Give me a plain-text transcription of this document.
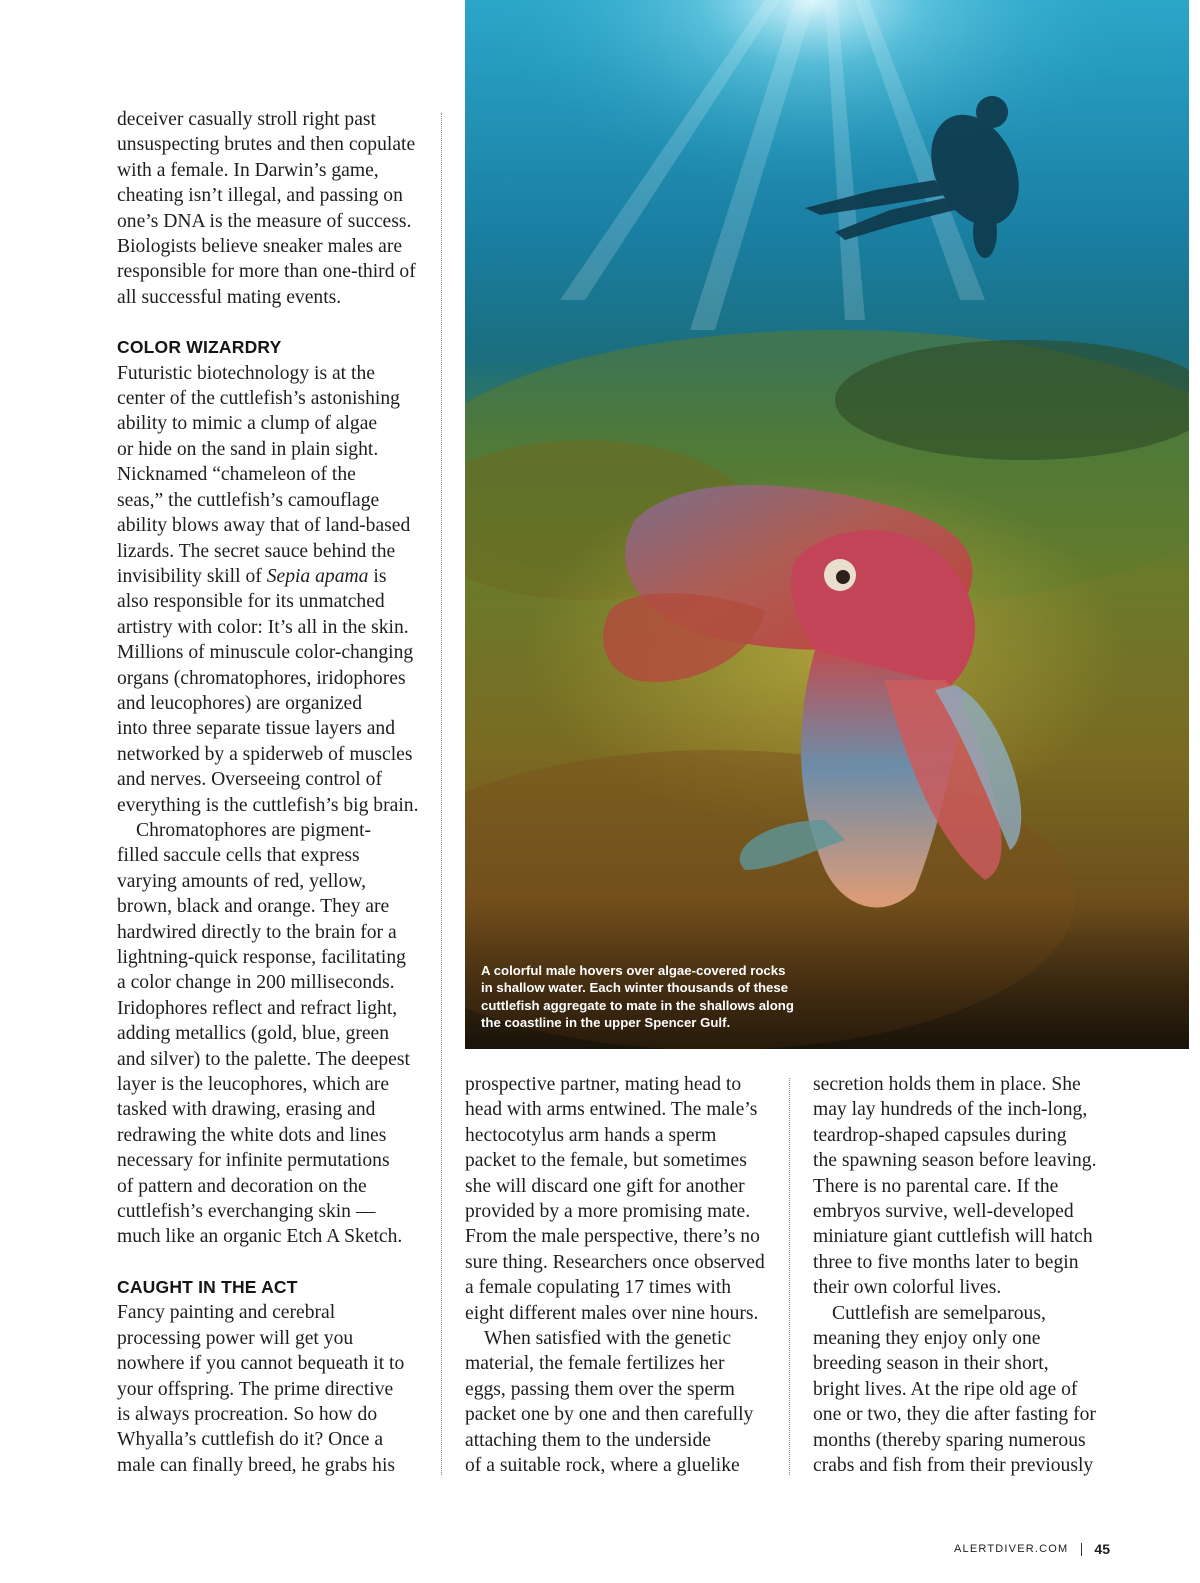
deceiver casually stroll right past
unsuspecting brutes and then copulate
with a female. In Darwin’s game,
cheating isn’t illegal, and passing on
one’s DNA is the measure of success.
Biologists believe sneaker males are
responsible for more than one-third of
all successful mating events.

COLOR WIZARDRY

Futuristic biotechnology is at the
center of the cuttlefish’s astonishing
ability to mimic a clump of algae
or hide on the sand in plain sight.
Nicknamed “chameleon of the
seas,” the cuttlefish’s camouflage
ability blows away that of land-based
lizards. The secret sauce behind the
invisibility skill of Sepia apama is
also responsible for its unmatched
artistry with color: It’s all in the skin.
Millions of minuscule color-changing
organs (chromatophores, iridophores
and leucophores) are organized
into three separate tissue layers and
networked by a spiderweb of muscles
and nerves. Overseeing control of
everything is the cuttlefish’s big brain.

Chromatophores are pigment-
filled saccule cells that express
varying amounts of red, yellow,
brown, black and orange. They are
hardwired directly to the brain for a
lightning-quick response, facilitating
a color change in 200 milliseconds.
Iridophores reflect and refract light,
adding metallics (gold, blue, green
and silver) to the palette. The deepest
layer is the leucophores, which are
tasked with drawing, erasing and
redrawing the white dots and lines
necessary for infinite permutations
of pattern and decoration on the
cuttlefish’s everchanging skin —
much like an organic Etch A Sketch.

CAUGHT IN THE ACT

Fancy painting and cerebral
processing power will get you
nowhere if you cannot bequeath it to
your offspring. The prime directive
is always procreation. So how do
Whyalla’s cuttlefish do it? Once a
male can finally breed, he grabs his

A colorful male hovers over algae-covered rocks
in shallow water. Each winter thousands of these
cuttlefish aggregate to mate in the shallows along
the coastline in the upper Spencer Gulf.

prospective partner, mating head to
head with arms entwined. The male’s
hectocotylus arm hands a sperm
packet to the female, but sometimes
she will discard one gift for another
provided by a more promising mate.
From the male perspective, there’s no
sure thing. Researchers once observed
a female copulating 17 times with
eight different males over nine hours.

When satisfied with the genetic
material, the female fertilizes her
eggs, passing them over the sperm
packet one by one and then carefully
attaching them to the underside
of a suitable rock, where a gluelike

secretion holds them in place. She
may lay hundreds of the inch-long,
teardrop-shaped capsules during
the spawning season before leaving.
There is no parental care. If the
embryos survive, well-developed
miniature giant cuttlefish will hatch
three to five months later to begin
their own colorful lives.

Cuttlefish are semelparous,
meaning they enjoy only one
breeding season in their short,
bright lives. At the ripe old age of
one or two, they die after fasting for
months (thereby sparing numerous
crabs and fish from their previously

ALERTDIVER.COM 45
